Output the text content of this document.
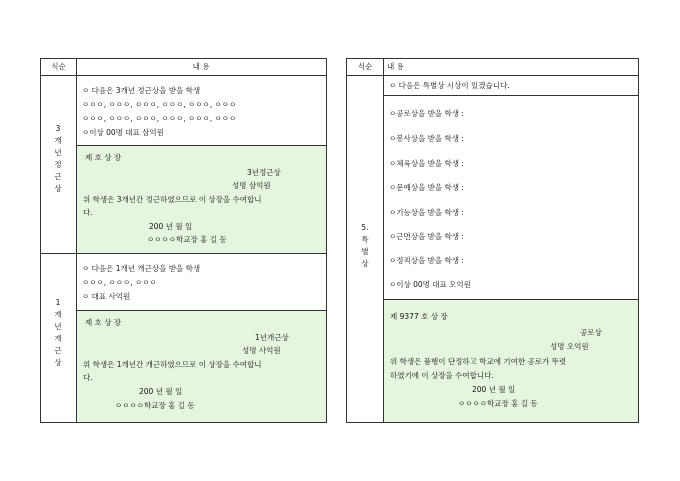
식순	내 용
3
개
년
정
근
상
ㅇ 다음은 3개년 정근상을 받을 학생
ㅇㅇㅇ, ㅇㅇㅇ, ㅇㅇㅇ, ㅇㅇㅇ, ㅇㅇㅇ, ㅇㅇㅇ
ㅇㅇㅇ, ㅇㅇㅇ, ㅇㅇㅇ, ㅇㅇㅇ, ㅇㅇㅇ, ㅇㅇㅇ
ㅇ이상 00명 대표 삼억원
제 호 상 장
3년정근상
성명 삼억원
위 학생은 3개년간 정근하였으므로 이 상장을 수여합니
다.
200 년 월 일
ㅇㅇㅇㅇ학교장 홍 길 동
1
개
년
개
근
상
ㅇ 다음은 1개년 개근상을 받을 학생
ㅇㅇㅇ, ㅇㅇㅇ, ㅇㅇㅇ
ㅇ 대표 사억원
제 호 상 장
1년개근상
성명 사억원
위 학생은 1개년간 개근하였으므로 이 상장을 수여합니
다.
200 년 월 일
ㅇㅇㅇㅇ학교장 홍 길 동
식순	내 용
5.
특
별
상
ㅇ 다음은 특별상 시상이 있겠습니다.
ㅇ공로상을 받을 학생 :
ㅇ봉사상을 받을 학생 :
ㅇ체육상을 받을 학생 :
ㅇ문예상을 받을 학생 :
ㅇ기능상을 받을 학생 :
ㅇ근면상을 받을 학생 :
ㅇ정직상을 받을 학생 :
ㅇ이상 00명 대표 오억원
제 9377 호 상 장
공로상
성명 오억원
위 학생은 품행이 단정하고 학교에 기여한 공로가 뚜렷
하였기에 이 상장을 수여합니다.
200 년 월 일
ㅇㅇㅇㅇ학교장 홍 길 동
